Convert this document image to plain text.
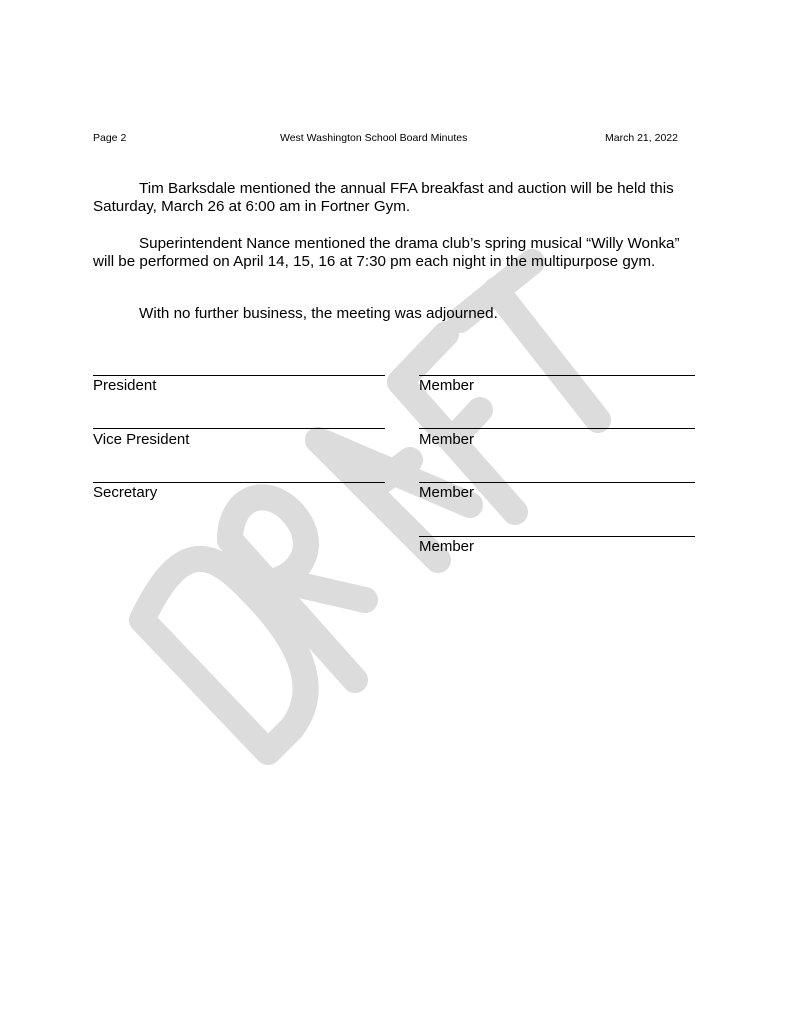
Page 2	West Washington School Board Minutes	March 21, 2022

Tim Barksdale mentioned the annual FFA breakfast and auction will be held this Saturday, March 26 at 6:00 am in Fortner Gym.

Superintendent Nance mentioned the drama club’s spring musical “Willy Wonka” will be performed on April 14, 15, 16 at 7:30 pm each night in the multipurpose gym.

With no further business, the meeting was adjourned.

President
Vice President
Secretary
Member
Member
Member
Member
